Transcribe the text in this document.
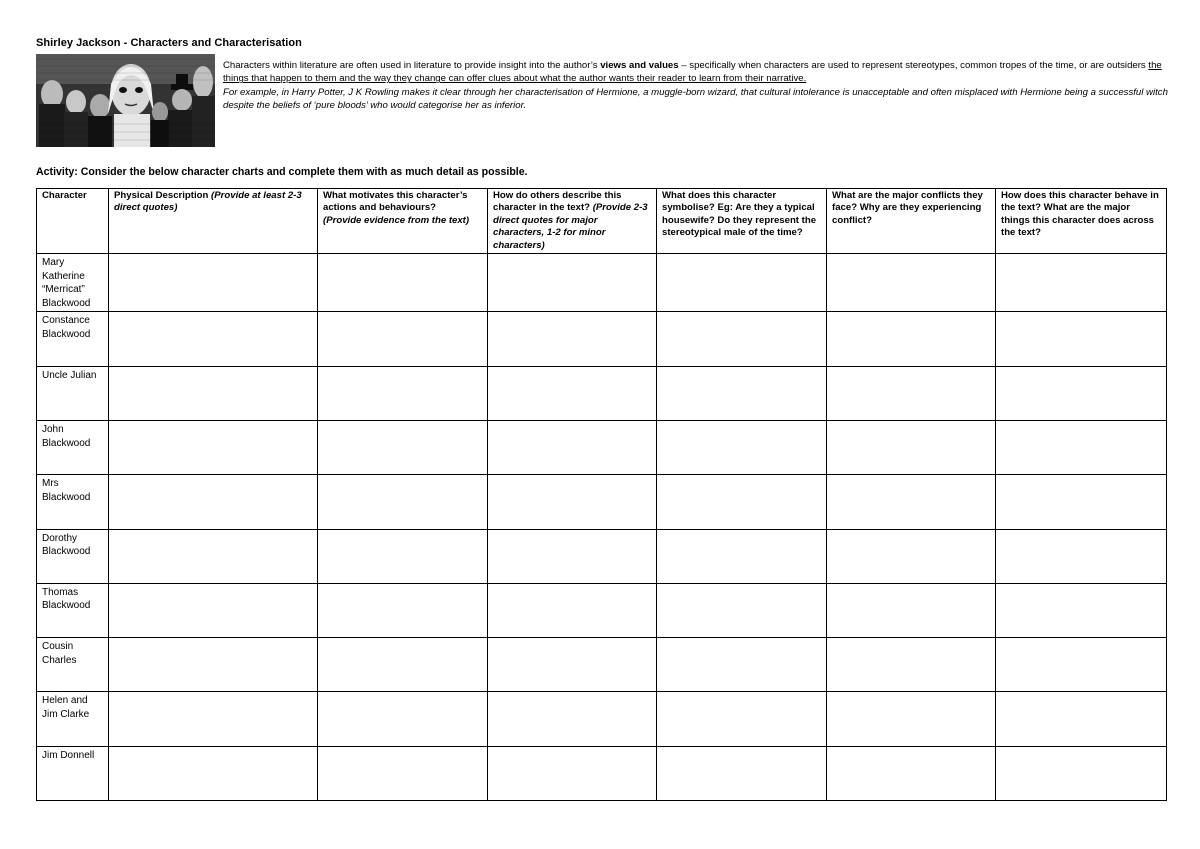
Shirley Jackson - Characters and Characterisation

Characters within literature are often used in literature to provide insight into the author’s views and values – specifically when characters are used to represent stereotypes, common tropes of the time, or are outsiders the things that happen to them and the way they change can offer clues about what the author wants their reader to learn from their narrative.

For example, in Harry Potter, J K Rowling makes it clear through her characterisation of Hermione, a muggle-born wizard, that cultural intolerance is unacceptable and often misplaced with Hermione being a successful witch despite the beliefs of ‘pure bloods’ who would categorise her as inferior.

Activity: Consider the below character charts and complete them with as much detail as possible.
Character	Physical Description (Provide at least 2-3 direct quotes)	What motivates this character’s actions and behaviours?
(Provide evidence from the text)	How do others describe this character in the text? (Provide 2-3 direct quotes for major characters, 1-2 for minor characters)	What does this character symbolise? Eg: Are they a typical housewife? Do they represent the stereotypical male of the time?	What are the major conflicts they face? Why are they experiencing conflict?	How does this character behave in the text? What are the major things this character does across the text?
Mary Katherine “Merricat” Blackwood						
Constance Blackwood						
Uncle Julian						
John Blackwood						
Mrs Blackwood						
Dorothy Blackwood						
Thomas Blackwood						
Cousin Charles						
Helen and Jim Clarke						
Jim Donnell						
